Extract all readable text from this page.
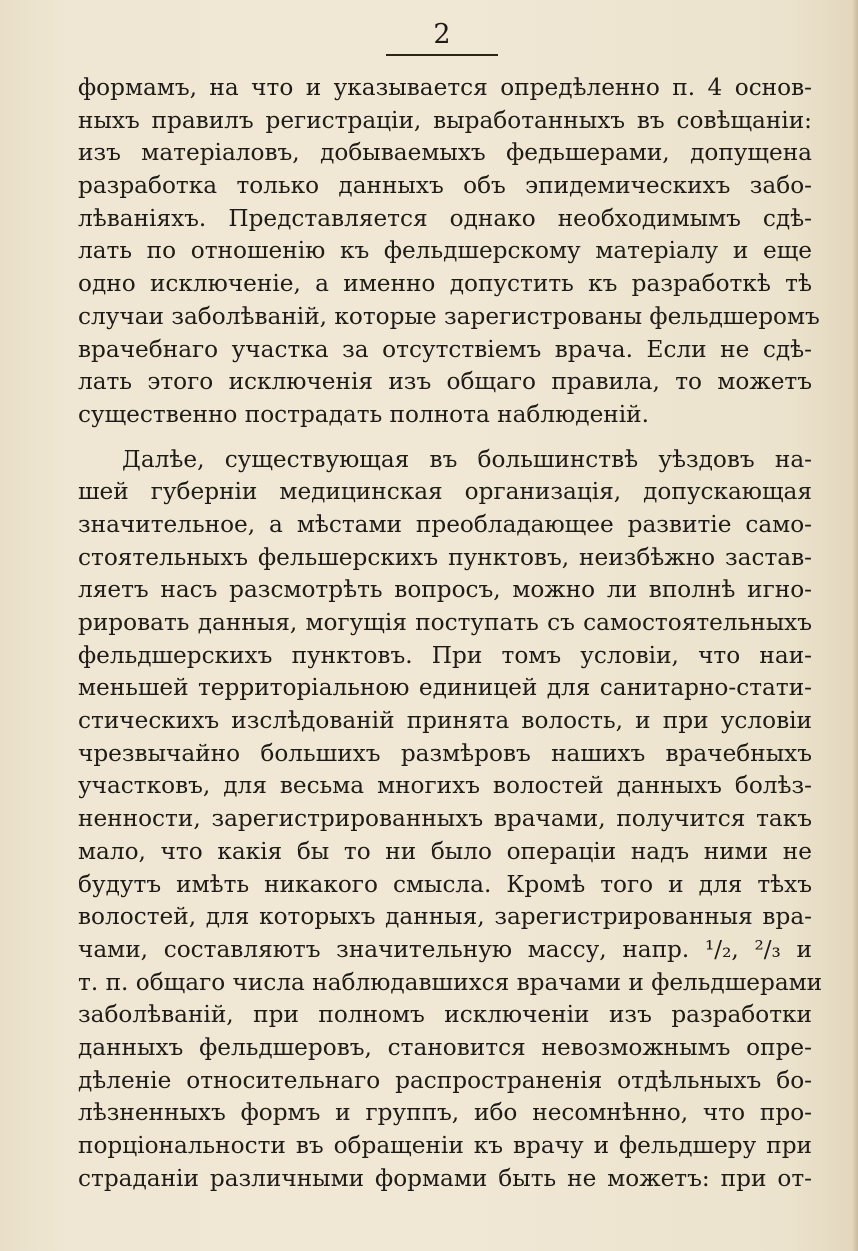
2
формамъ, на что и указывается опредѣленно п. 4 основ-
ныхъ правилъ регистраціи, выработанныхъ въ совѣщаніи:
изъ матеріаловъ, добываемыхъ федьшерами, допущена
разработка только данныхъ объ эпидемическихъ забо-
лѣваніяхъ. Представляется однако необходимымъ сдѣ-
лать по отношенію къ фельдшерскому матеріалу и еще
одно исключеніе, а именно допустить къ разработкѣ тѣ
случаи заболѣваній, которые зарегистрованы фельдшеромъ
врачебнаго участка за отсутствіемъ врача. Если не сдѣ-
лать этого исключенія изъ общаго правила, то можетъ
существенно пострадать полнота наблюденій.
Далѣе, существующая въ большинствѣ уѣздовъ на-
шей губерніи медицинская организація, допускающая
значительное, а мѣстами преобладающее развитіе само-
стоятельныхъ фельшерскихъ пунктовъ, неизбѣжно застав-
ляетъ насъ разсмотрѣть вопросъ, можно ли вполнѣ игно-
рировать данныя, могущія поступать съ самостоятельныхъ
фельдшерскихъ пунктовъ. При томъ условіи, что наи-
меньшей территоріальною единицей для санитарно-стати-
стическихъ изслѣдованій принята волость, и при условіи
чрезвычайно большихъ размѣровъ нашихъ врачебныхъ
участковъ, для весьма многихъ волостей данныхъ болѣз-
ненности, зарегистрированныхъ врачами, получится такъ
мало, что какія бы то ни было операціи надъ ними не
будутъ имѣть никакого смысла. Кромѣ того и для тѣхъ
волостей, для которыхъ данныя, зарегистрированныя вра-
чами, составляютъ значительную массу, напр. ¹/₂, ²/₃ и
т. п. общаго числа наблюдавшихся врачами и фельдшерами
заболѣваній, при полномъ исключеніи изъ разработки
данныхъ фельдшеровъ, становится невозможнымъ опре-
дѣленіе относительнаго распространенія отдѣльныхъ бо-
лѣзненныхъ формъ и группъ, ибо несомнѣнно, что про-
порціональности въ обращеніи къ врачу и фельдшеру при
страданіи различными формами быть не можетъ: при от-
